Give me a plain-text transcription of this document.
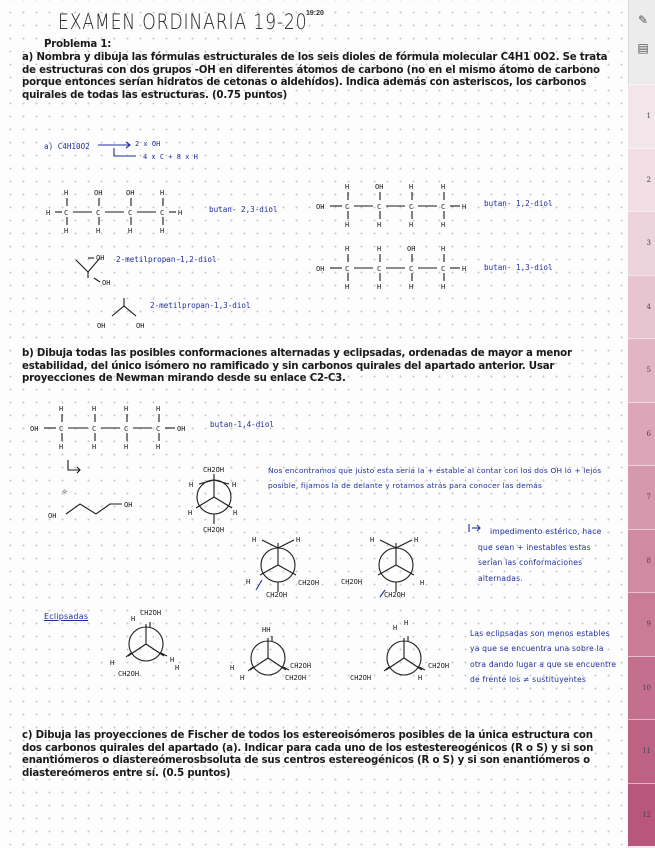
EXAMEN ORDINARIA 19-20
19:20
Problema 1:
a) Nombra y dibuja las fórmulas estructurales de los seis dioles de fórmula molecular C4H1 0O2. Se trata de estructuras con dos grupos -OH en diferentes átomos de carbono (no en el mismo átomo de carbono porque entonces serían hidratos de cetonas o aldehídos). Indica además con asteriscos, los carbonos quirales de todas las estructuras. (0.75 puntos)
a) C4H10O2	2 x OH
4 x C + 8 x H
butan- 2,3-diol
butan- 1,2-diol
2-metilpropan-1,2-diol
butan- 1,3-diol
2-metilpropan-1,3-diol
b) Dibuja todas las posibles conformaciones alternadas y eclipsadas, ordenadas de mayor a menor estabilidad, del único isómero no ramificado y sin carbonos quirales del apartado anterior. Usar proyecciones de Newman mirando desde su enlace C2-C3.
butan-1,4-diol
Nos encontramos que justo esta sería la + estable al contar con los dos OH lo + lejos posible, fijamos la de delante y rotamos atrás para conocer las demás
impedimento estérico, hace que sean + inestables estas serían las conformaciones alternadas.
Eclipsadas
Las eclipsadas son menos estables ya que se encuentra una sobre la otra dando lugar a que se encuentre de frente los ≠ sustituyentes
c) Dibuja las proyecciones de Fischer de todos los estereoisómeros posibles de la única estructura con dos carbonos quirales del apartado (a). Indicar para cada uno de los estestereogénicos (R o S) y si son enantiómeros o diastereómerosbsoluta de sus centros estereogénicos (R o S) y si son enantiómeros o diastereómeros entre sí. (0.5 puntos)
H C	C	C	C H
H	OH	OH	H
H	H	H	H
OH	C	C	C	C H
H	OH	H	H
H	H	H	H
OH
OH
OH	C	C	C	C H
H	H	OH	H
H	H	H	H
OH	OH
OH	C	C	C	C OH
H	H	H	H
H	H	H	H
☼
OH
OH
CH2OH
H	H
H	H
CH2OH
H	H
H	CH2OH
CH2OH
H	H
CH2OH	H
CH2OH
H
CH2OH
H
CH2OH
H
H
HH
H
H
CH2OH
CH2OH
H
H
CH2OH
CH2OH
H
✎
▤
1
2
3
4
5
6
7
8
9
10
11
12
